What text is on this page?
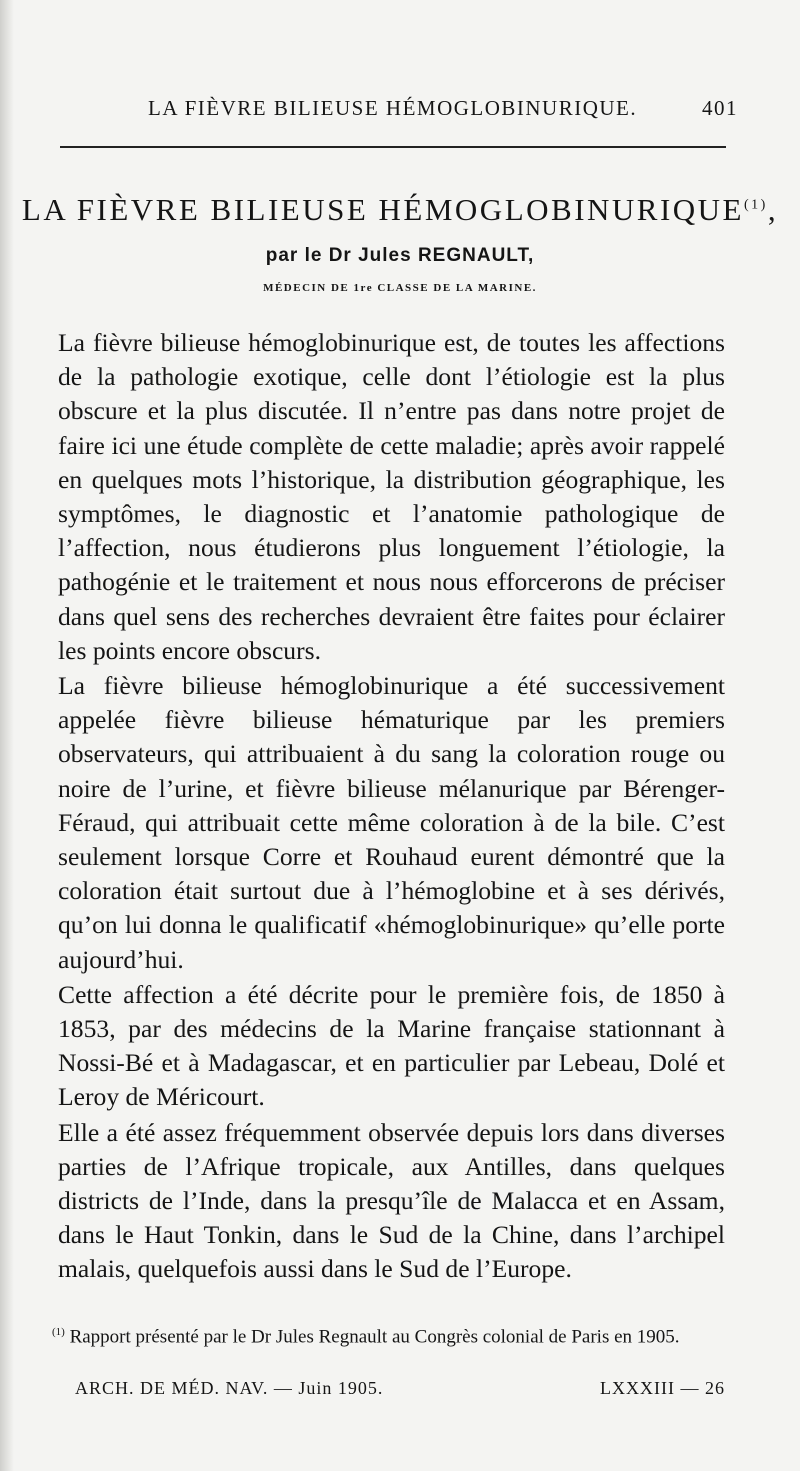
LA FIÈVRE BILIEUSE HÉMOGLOBINURIQUE.	401
LA FIÈVRE BILIEUSE HÉMOGLOBINURIQUE$^{(1)}$,
par le Dr Jules REGNAULT,
MÉDECIN DE 1re CLASSE DE LA MARINE.

La fièvre bilieuse hémoglobinurique est, de toutes les affections de la pathologie exotique, celle dont l’étiologie est la plus obscure et la plus discutée. Il n’entre pas dans notre projet de faire ici une étude complète de cette maladie; après avoir rappelé en quelques mots l’historique, la distribution géographique, les symptômes, le diagnostic et l’anatomie pathologique de l’affection, nous étudierons plus longuement l’étiologie, la pathogénie et le traitement et nous nous efforcerons de préciser dans quel sens des recherches devraient être faites pour éclairer les points encore obscurs.

La fièvre bilieuse hémoglobinurique a été successivement appelée fièvre bilieuse hématurique par les premiers observateurs, qui attribuaient à du sang la coloration rouge ou noire de l’urine, et fièvre bilieuse mélanurique par Bérenger-Féraud, qui attribuait cette même coloration à de la bile. C’est seulement lorsque Corre et Rouhaud eurent démontré que la coloration était surtout due à l’hémoglobine et à ses dérivés, qu’on lui donna le qualificatif «hémoglobinurique» qu’elle porte aujourd’hui.

Cette affection a été décrite pour le première fois, de 1850 à 1853, par des médecins de la Marine française stationnant à Nossi-Bé et à Madagascar, et en particulier par Lebeau, Dolé et Leroy de Méricourt.

Elle a été assez fréquemment observée depuis lors dans diverses parties de l’Afrique tropicale, aux Antilles, dans quelques districts de l’Inde, dans la presqu’île de Malacca et en Assam, dans le Haut Tonkin, dans le Sud de la Chine, dans l’archipel malais, quelquefois aussi dans le Sud de l’Europe.

$^{(1)}$ Rapport présenté par le Dr Jules Regnault au Congrès colonial de Paris en 1905.
ARCH. DE MÉD. NAV. — Juin 1905.	LXXXIII — 26
